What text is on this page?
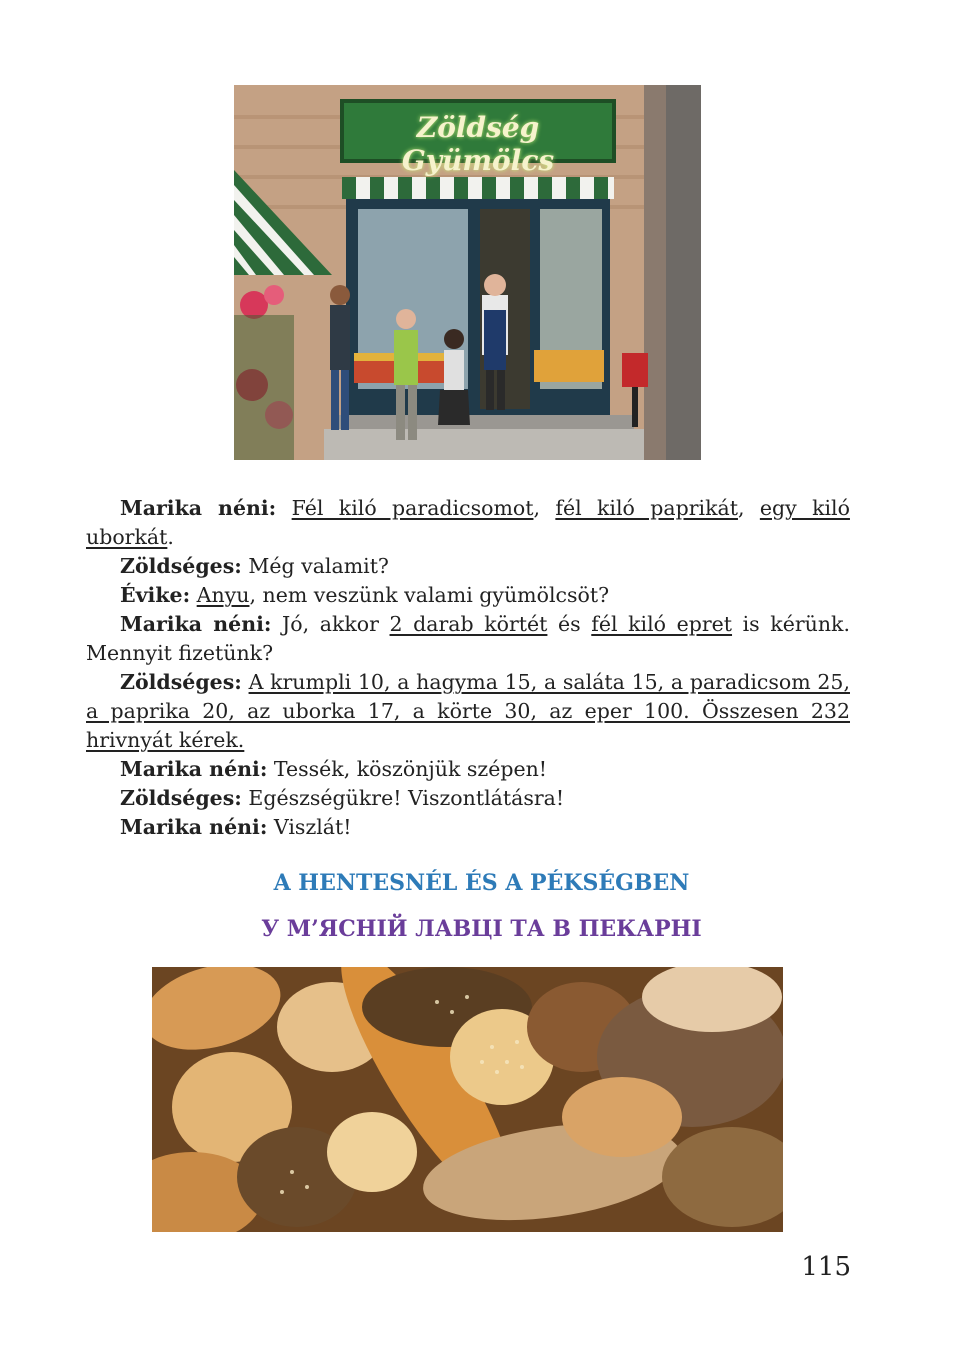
Zöldség Gyümölcs

Marika néni: Fél kiló paradicsomot, fél kiló paprikát, egy kiló uborkát.

Zöldséges: Még valamit?

Évike: Anyu, nem veszünk valami gyümölcsöt?

Marika néni: Jó, akkor 2 darab körtét és fél kiló epret is kérünk. Mennyit fizetünk?

Zöldséges: A krumpli 10, a hagyma 15, a saláta 15, a paradicsom 25, a paprika 20, az uborka 17, a körte 30, az eper 100. Összesen 232 hrivnyát kérek.

Marika néni: Tessék, köszönjük szépen!

Zöldséges: Egészségükre! Viszontlátásra!

Marika néni: Viszlát!

A HENTESNÉL ÉS A PÉKSÉGBEN
У М’ЯСНІЙ ЛАВЦІ ТА В ПЕКАРНІ
115
